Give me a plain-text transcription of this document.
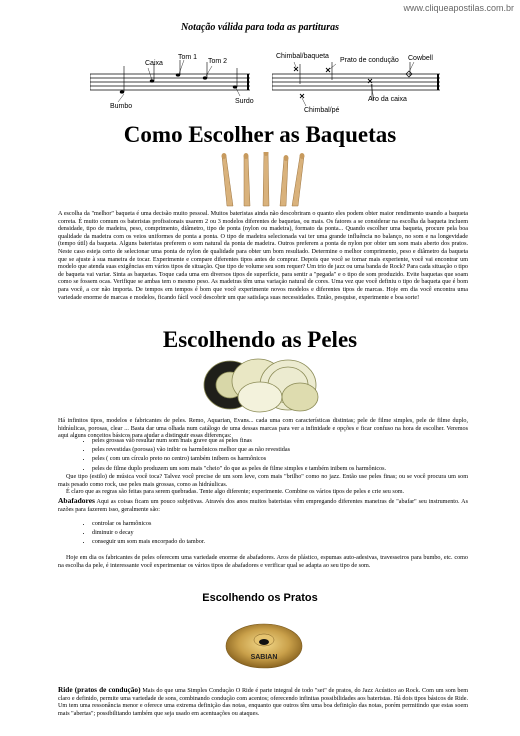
www.cliqueapostilas.com.br
Notação válida para toda as partituras
Caixa
Tom 1
Tom 2
Bumbo
Surdo
Chimbal/baqueta
Prato de condução Cowbell
Chimbal/pé
Aro da caixa
Como Escolher as Baquetas

A escolha da "melhor" baqueta é uma decisão muito pessoal. Muitos bateristas ainda não descobriram o quanto eles podem obter maior rendimento usando a baqueta correta. É muito comum os bateristas profissionais usarem 2 ou 3 modelos diferentes de baquetas, ou mais. Os fatores a se considerar na escolha da baqueta incluem densidade, tipo de madeira, peso, comprimento, diâmetro, tipo de ponta (nylon ou madeira), formato da ponta... Quando escolher uma baqueta, procure pela boa qualidade da madeira com os veios uniformes de ponta a ponta. O tipo de madeira selecionada vai ter uma grande influência no balanço, no som e na longevidade (tempo útil) da baqueta. Alguns bateristas preferem o som natural da ponta de madeira. Outros preferem a ponta de nylon por obter um som mais aberto dos pratos. Neste caso esteja certo de selecionar uma ponta de nylon de qualidade para obter um bom resultado. Determine o melhor comprimento, peso e diâmetro da baqueta que se ajuste à sua maneira de tocar. Experimente e compare diferentes tipos antes de comprar. Depois que você se tornar mais experiente, você vai encontrar um modelo que atenda suas exigências em vários tipos de situação. Que tipo de volume seu som requer? Um trio de jazz ou uma banda de Rock? Para cada situação o tipo de baqueta vai variar. Sinta as baquetas. Toque cada uma em diversos tipos de superfície, para sentir a "pegada" e o tipo de som produzido. Evite baquetas que soam como se fossem ocas. Verifique se ambas tem o mesmo peso. As madeiras têm uma variação natural de cores. Uma vez que você definiu o tipo de baqueta que é bom para você, a cor não importa. De tempos em tempos é bom que você experimente novos modelos e diferentes tipos de marcas. Hoje em dia você encontra uma variedade enorme de marcas e modelos, ficando fácil você descobrir um que satisfaça suas necessidades. Então, pesquise, experimente e boa sorte!

Escolhendo as Peles

Há infinitos tipos, modelos e fabricantes de peles. Remo, Aquarian, Evans... cada uma com características distintas; pele de filme simples, pele de filme duplo, hidráulicas, porosas, clear ... Basta dar uma olhada num catálogo de uma dessas marcas para ver a infinidade e opções e ficar confuso na hora de escolher. Veremos aqui alguns conceitos básicos para ajudar a distinguir essas diferenças:

• peles grossas vão resultar num som mais grave que as peles finas
• peles revestidas (porosas) vão inibir os harmônicos melhor que as não revestidas
• peles ( com um círculo preto no centro) também inibem os harmônicos
• peles de filme duplo produzem um som mais "cheio" do que as peles de filme simples e também inibem os harmônicos.

Que tipo (estilo) de música você toca? Talvez você precise de um som leve, com mais "brilho" como no jazz. Então use peles finas; ou se você procura um som mais pesado como rock, use peles mais grossas, como as hidráulicas.

É claro que as regras são feitas para serem quebradas. Tente algo diferente; experimente. Combine os vários tipos de peles e crie seu som.

Abafadores Aqui as coisas ficam um pouco subjetivas. Através dos anos muitos bateristas vêm empregando diferentes maneiras de "abafar" seu instrumento. As razões para fazerem isso, geralmente são:

• controlar os harmônicos
• diminuir o decay
• conseguir um som mais encorpado do tambor.

Hoje em dia os fabricantes de peles oferecem uma variedade enorme de abafadores. Aros de plástico, espumas auto-adesivas, travesseiros para bumbo, etc. como na escolha da pele, é interessante você experimentar os vários tipos de abafadores e verificar qual se adapta ao seu tipo de som.

Escolhendo os Pratos
SABIAN

Ride (pratos de condução) Mais do que uma Simples Condução O Ride é parte integral de todo "set" de pratos, do Jazz Acústico ao Rock. Com um som bem claro e definido, permite uma variedade de sons, combinando condução com acentos; oferecendo infinitas possibilidades aos bateristas. Há dois tipos básicos de Ride. Um tem uma ressonância menor e oferece uma extrema definição das notas, enquanto que outros têm uma boa definição das notas, porém permitindo que estas soem mais "abertas"; possibilitando também que seja usado em acentuações ou ataques.
